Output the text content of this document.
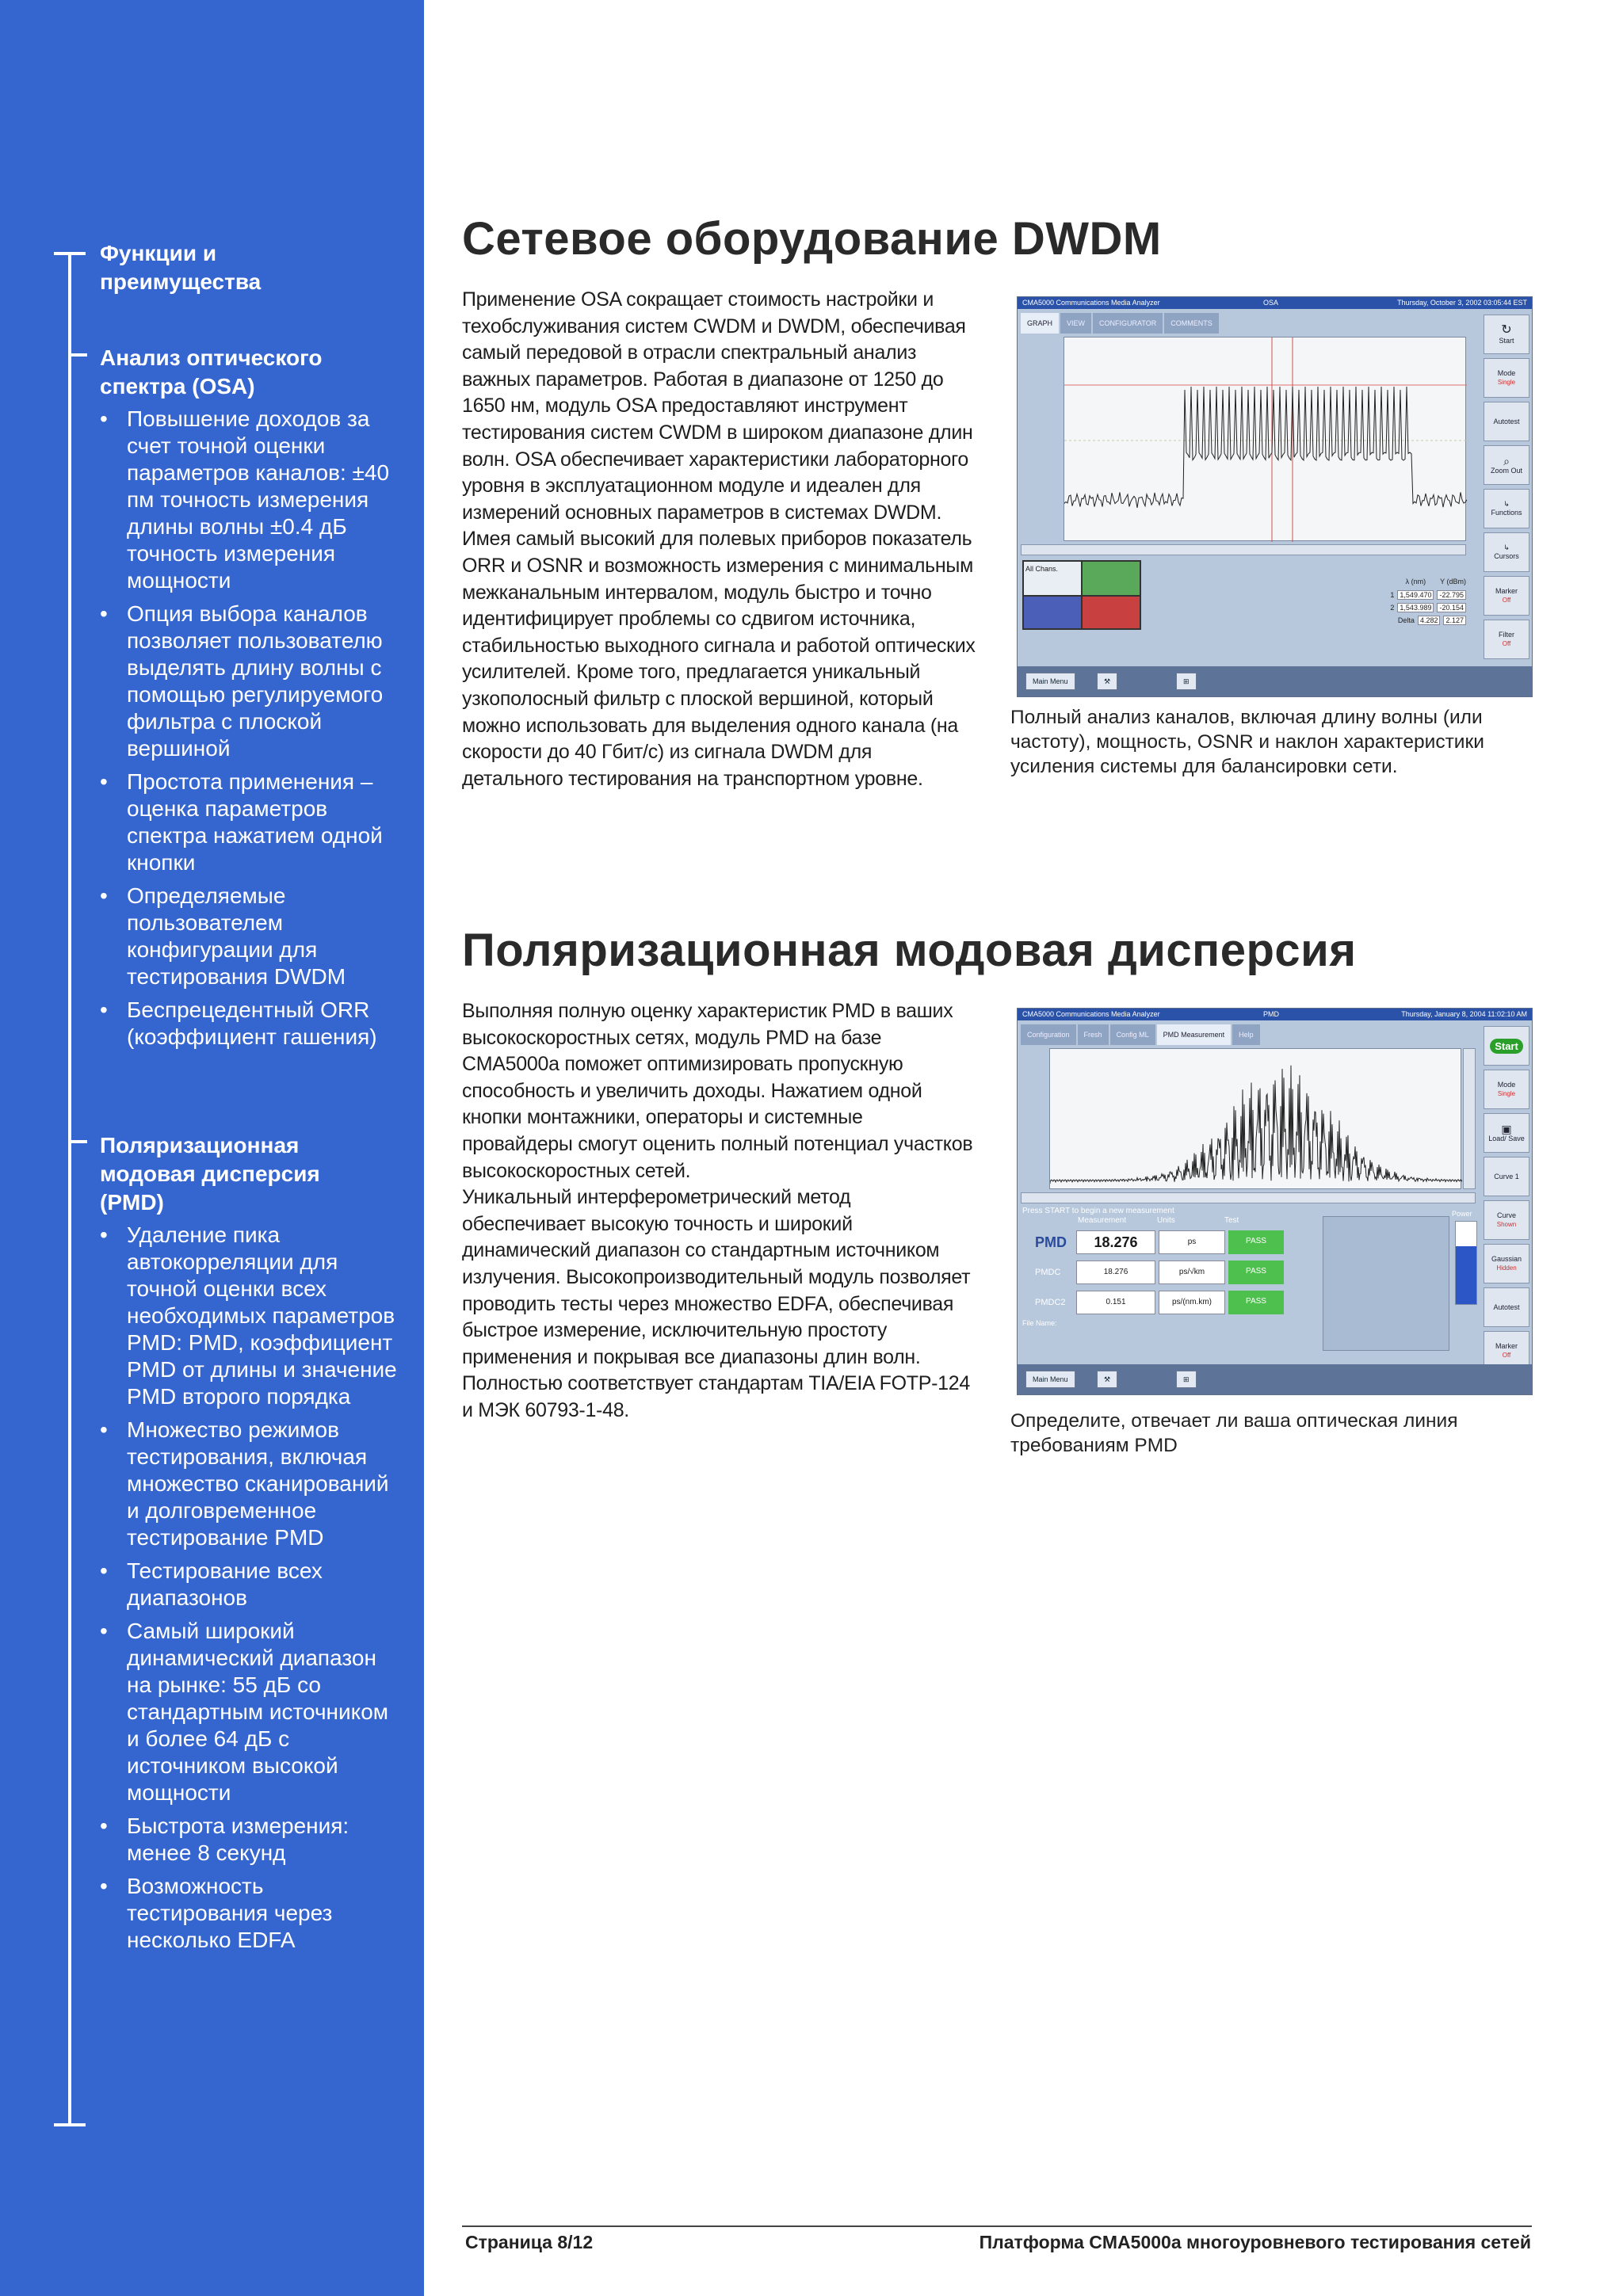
Функции и преимущества
Анализ оптического спектра (OSA)
• Повышение доходов за счет точной оценки параметров каналов: ±40 пм точность измерения длины волны ±0.4 дБ точность измерения мощности
• Опция выбора каналов позволяет пользователю выделять длину волны с помощью регулируемого фильтра с плоской вершиной
• Простота применения – оценка параметров спектра нажатием одной кнопки
• Определяемые пользователем конфигурации для тестирования DWDM
• Беспрецедентный ORR (коэффициент гашения)
Поляризационная модовая дисперсия (PMD)
• Удаление пика автокорреляции для точной оценки всех необходимых параметров PMD: PMD, коэффициент PMD от длины и значение PMD второго порядка
• Множество режимов тестирования, включая множество сканирований и долговременное тестирование PMD
• Тестирование всех диапазонов
• Самый широкий динамический диапазон на рынке: 55 дБ со стандартным источником и более 64 дБ с источником высокой мощности
• Быстрота измерения: менее 8 секунд
• Возможность тестирования через несколько EDFA
Сетевое оборудование DWDM

Применение OSA сокращает стоимость настройки и техобслуживания систем CWDM и DWDM, обеспечивая самый передовой в отрасли спектральный анализ важных параметров. Работая в диапазоне от 1250 до 1650 нм, модуль OSA предоставляют инструмент тестирования систем CWDM в широком диапазоне длин волн. OSA обеспечивает характеристики лабораторного уровня в эксплуатационном модуле и идеален для измерений основных параметров в системах DWDM.

Имея самый высокий для полевых приборов показатель ORR и OSNR и возможность измерения с минимальным межканальным интервалом, модуль быстро и точно идентифицирует проблемы со сдвигом источника, стабильностью выходного сигнала и работой оптических усилителей. Кроме того, предлагается уникальный узкополосный фильтр с плоской вершиной, который можно использовать для выделения одного канала (на скорости до 40 Гбит/с) из сигнала DWDM для детального тестирования на транспортном уровне.

CMA5000 Communications Media Analyzer	OSA	Thursday, October 3, 2002 03:05:44 EST
GRAPH	VIEW	CONFIGURATOR	COMMENTS
All Chans.
λ (nm) Y (dBm)
1 1,549.470	-22.795
2 1,543.989	-20.154
Delta 4.282	2.127
↻
Start
Mode
Single
Autotest
⌕
Zoom Out
↳
Functions
↳
Cursors
Marker
Off
Filter
Off
Main Menu	⚒	⊞
Полный анализ каналов, включая длину волны (или частоту), мощность, OSNR и наклон характеристики усиления системы для балансировки сети.
Поляризационная модовая дисперсия

Выполняя полную оценку характеристик PMD в ваших высокоскоростных сетях, модуль PMD на базе CMA5000a поможет оптимизировать пропускную способность и увеличить доходы. Нажатием одной кнопки монтажники, операторы и системные провайдеры смогут оценить полный потенциал участков высокоскоростных сетей.

Уникальный интерферометрический метод обеспечивает высокую точность и широкий динамический диапазон со стандартным источником излучения. Высокопроизводительный модуль позволяет проводить тесты через множество EDFA, обеспечивая быстрое измерение, исключительную простоту применения и покрывая все диапазоны длин волн. Полностью соответствует стандартам TIA/EIA FOTP-124 и МЭК 60793-1-48.

CMA5000 Communications Media Analyzer	PMD	Thursday, January 8, 2004 11:02:10 AM
Configuration	Fresh	Config ML	PMD Measurement	Help
Press START to begin a new measurement
Measurement	Units	Test
PMD	18.276	ps	PASS
PMDC	18.276	ps/√km	PASS
PMDC2	0.151	ps/(nm.km)	PASS
File Name:
Power
Start
Mode
Single
▣
Load/ Save
Curve 1
Curve
Shown
Gaussian
Hidden
Autotest
Marker
Off
Main Menu	⚒	⊞
Определите, отвечает ли ваша оптическая линия требованиям PMD
Страница 8/12	Платформа CMA5000a многоуровневого тестирования сетей
